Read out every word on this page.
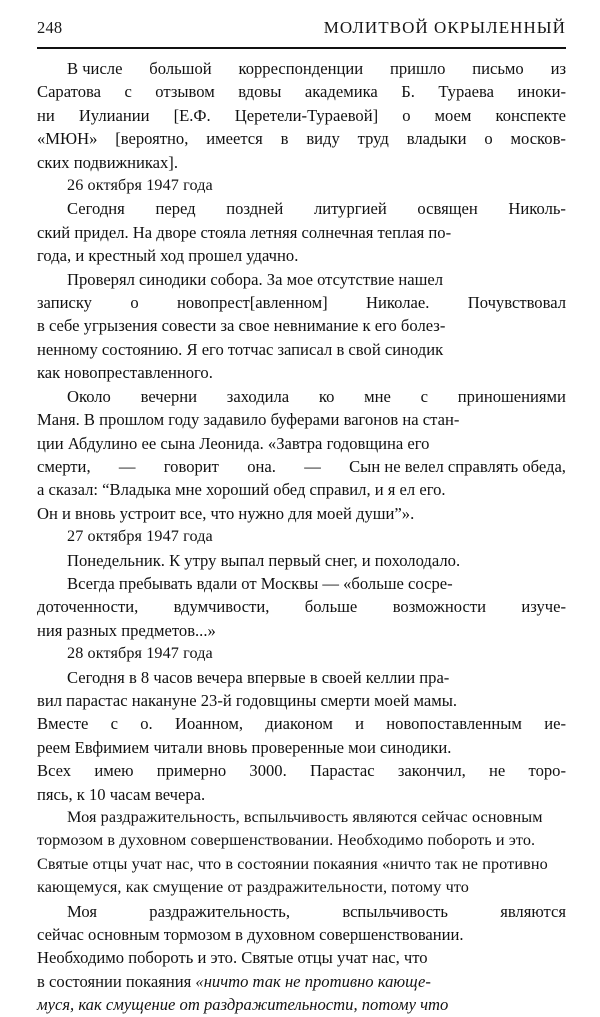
248	МОЛИТВОЙ ОКРЫЛЕННЫЙ
В числе большой корреспонденции пришло письмо из
Саратова с отзывом вдовы академика Б. Тураева иноки-
ни Иулиании [Е.Ф. Церетели-Тураевой] о моем конспекте
«МЮН» [вероятно, имеется в виду труд владыки о москов-
ских подвижниках].

26 октября 1947 года

Сегодня перед поздней литургией освящен Николь-
ский придел. На дворе стояла летняя солнечная теплая по-
года, и крестный ход прошел удачно.
Проверял синодики собора. За мое отсутствие нашел
записку о новопрест[авленном] Николае. Почувствовал
в себе угрызения совести за свое невнимание к его болез-
ненному состоянию. Я его тотчас записал в свой синодик
как новопреставленного.
Около вечерни заходила ко мне с приношениями
Маня. В прошлом году задавило буферами вагонов на стан-
ции Абдулино ее сына Леонида. «Завтра годовщина его
смерти, — говорит она. — Сын не велел справлять обеда,
а сказал: “Владыка мне хороший обед справил, и я ел его.
Он и вновь устроит все, что нужно для моей души”».

27 октября 1947 года

Понедельник. К утру выпал первый снег, и похолодало.
Всегда пребывать вдали от Москвы — «больше сосре-
доточенности, вдумчивости, больше возможности изуче-
ния разных предметов...»

28 октября 1947 года

Сегодня в 8 часов вечера впервые в своей келлии пра-
вил парастас накануне 23-й годовщины смерти моей мамы.
Вместе с о. Иоанном, диаконом и новопоставленным ие-
реем Евфимием читали вновь проверенные мои синодики.
Всех имею примерно 3000. Парастас закончил, не торо-
пясь, к 10 часам вечера.

Моя раздражительность, вспыльчивость являются сейчас основным тормозом в духовном совершенствовании. Необходимо побороть и это. Святые отцы учат нас, что в состоянии покаяния «ничто так не противно кающемуся, как смущение от раздражительности, потому что

Моя	раздражительность,	вспыльчивость	являются
сейчас основным тормозом в духовном совершенствовании.
Необходимо побороть и это. Святые отцы учат нас, что
в состоянии покаяния «ничто так не противно кающе-
муся, как смущение от раздражительности, потому что
